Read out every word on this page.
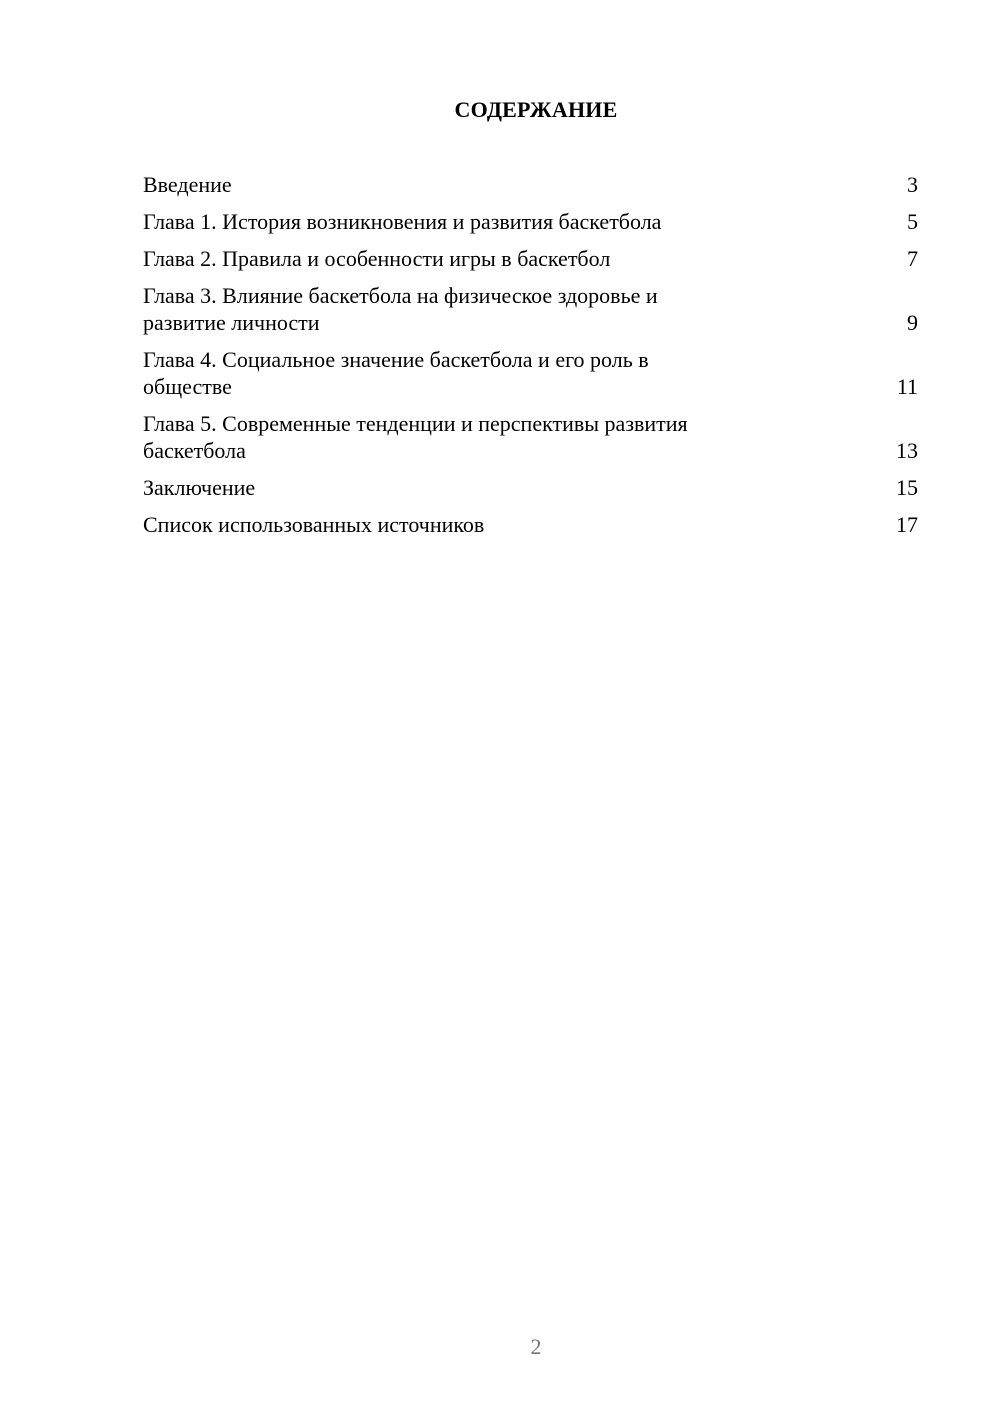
СОДЕРЖАНИЕ
Введение	3
Глава 1. История возникновения и развития баскетбола	5
Глава 2. Правила и особенности игры в баскетбол	7
Глава 3. Влияние баскетбола на физическое здоровье и
развитие личности	9
Глава 4. Социальное значение баскетбола и его роль в
обществе	11
Глава 5. Современные тенденции и перспективы развития
баскетбола	13
Заключение	15
Список использованных источников	17
2
